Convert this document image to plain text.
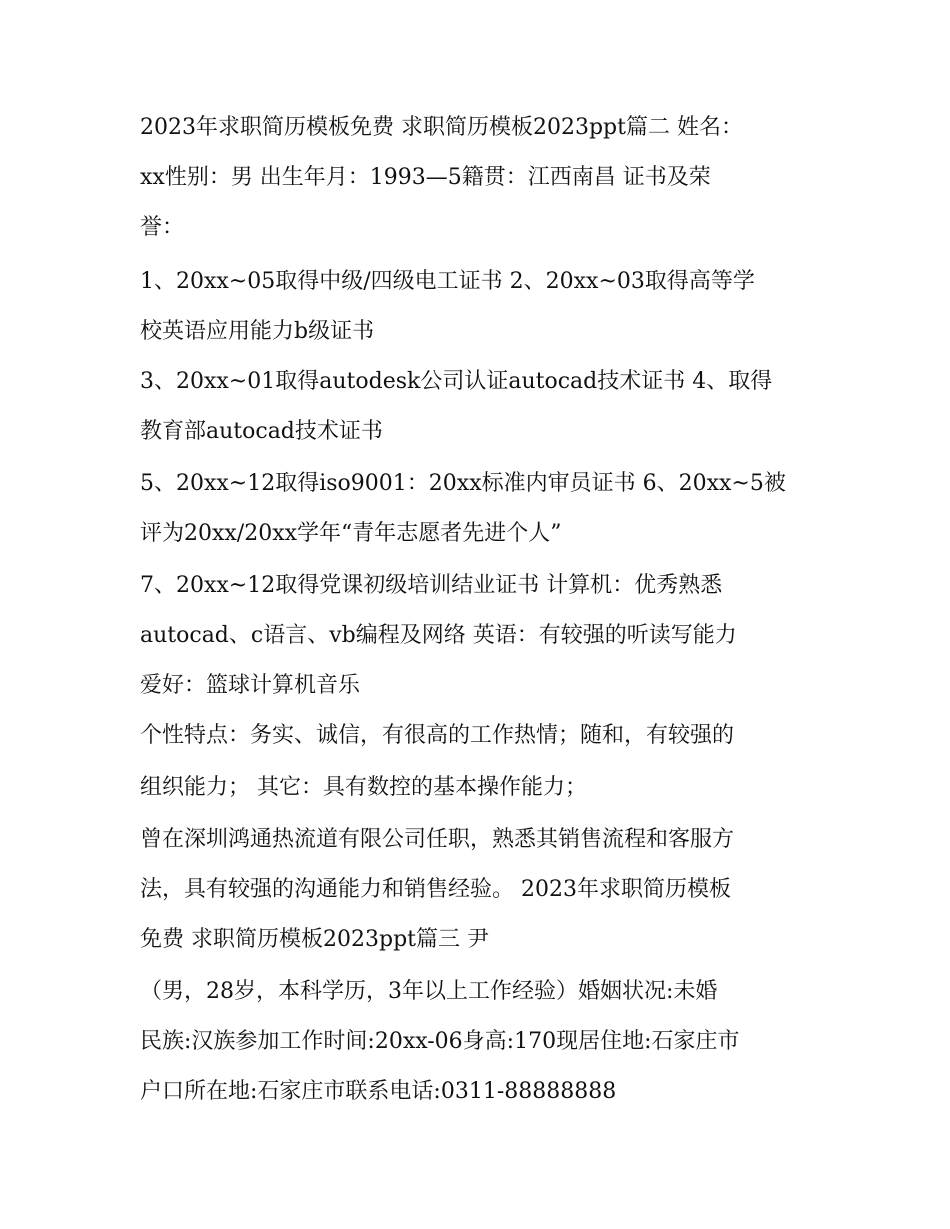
2023年求职简历模板免费 求职简历模板2023ppt篇二 姓名：
xx性别：男 出生年月：1993—5籍贯：江西南昌 证书及荣
誉：
1、20xx~05取得中级/四级电工证书 2、20xx~03取得高等学
校英语应用能力b级证书
3、20xx~01取得autodesk公司认证autocad技术证书 4、取得
教育部autocad技术证书
5、20xx~12取得iso9001：20xx标准内审员证书 6、20xx~5被
评为20xx/20xx学年“青年志愿者先进个人”
7、20xx~12取得党课初级培训结业证书 计算机：优秀熟悉
autocad、c语言、vb编程及网络 英语：有较强的听读写能力
爱好：篮球计算机音乐
个性特点：务实、诚信，有很高的工作热情；随和，有较强的
组织能力； 其它：具有数控的基本操作能力；
曾在深圳鸿通热流道有限公司任职，熟悉其销售流程和客服方
法，具有较强的沟通能力和销售经验。 2023年求职简历模板
免费 求职简历模板2023ppt篇三 尹
（男，28岁，本科学历，3年以上工作经验）婚姻状况:未婚
民族:汉族参加工作时间:20xx-06身高:170现居住地:石家庄市
户口所在地:石家庄市联系电话:0311-88888888
